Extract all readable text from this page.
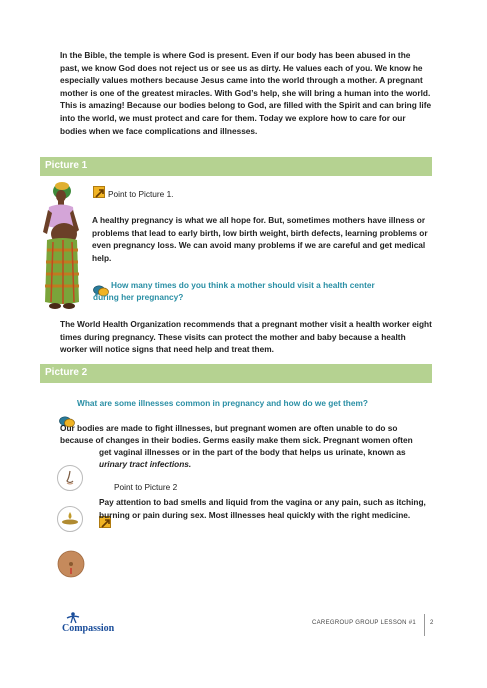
In the Bible, the temple is where God is present. Even if our body has been abused in the past, we know God does not reject us or see us as dirty. He values each of you. We know he especially values mothers because Jesus came into the world through a mother. A pregnant mother is one of the greatest miracles. With God’s help, she will bring a human into the world. This is amazing! Because our bodies belong to God, are filled with the Spirit and can bring life into the world, we must protect and care for them. Today we explore how to care for our bodies when we face complications and illnesses.
Picture 1
Point to Picture 1.
A healthy pregnancy is what we all hope for. But, sometimes mothers have illness or problems that lead to early birth, low birth weight, birth defects, learning problems or even pregnancy loss. We can avoid many problems if we are careful and get medical help.
How many times do you think a mother should visit a health center
during her pregnancy?
The World Health Organization recommends that a pregnant mother visit a health worker eight times during pregnancy. These visits can protect the mother and baby because a health worker will notice signs that need help and treat them.
Picture 2
What are some illnesses common in pregnancy and how do we get them?
Our bodies are made to fight illnesses, but pregnant women are often unable to do so
because of changes in their bodies. Germs easily make them sick. Pregnant women often
get vaginal illnesses or in the part of the body that helps us urinate, known as
urinary tract infections.
Point to Picture 2
Pay attention to bad smells and liquid from the vagina or any pain, such as itching, burning or pain during sex. Most illnesses heal quickly with the right medicine.
Compassion	CAREGROUP GROUP LESSON #1 2
